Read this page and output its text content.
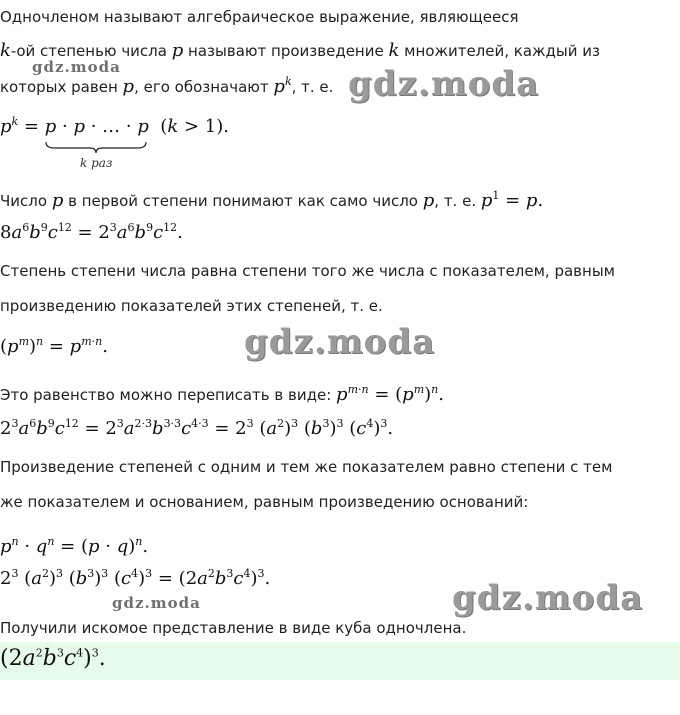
Одночленом называют алгебраическое выражение, являющееся
k-ой степенью числа p называют произведение k множителей, каждый из
gdz.moda
которых равен p, его обозначают $p^k$, т. е. gdz.moda
$p^k = p \cdot p$ · … · p  (k > 1).
k раз
Число p в первой степени понимают как само число p, т. е. $p^1 = p$.
$8a^6b^9c^{12} = 2^3a^6b^9c^{12}$.
Степень степени числа равна степени того же числа с показателем, равным
произведению показателей этих степеней, т. е.
$(p^m)^n = p^{m\cdot n}$.	gdz.moda
Это равенство можно переписать в виде: $p^{m\cdot n} = (p^m)^n$.
$2^3a^6b^9c^{12} = 2^3a^{2\cdot 3}b^{3\cdot 3}c^{4\cdot 3} = 2^3$ $(a^2)^3$ $(b^3)^3$ $(c^4)^3$.
Произведение степеней с одним и тем же показателем равно степени с тем
же показателем и основанием, равным произведению оснований:
$p^n \cdot q^n = (p \cdot q)^n$.
$2^3$ $(a^2)^3$ $(b^3)^3$ $(c^4)^3 = (2a^2b^3c^4)^3$.
gdz.moda	gdz.moda
Получили искомое представление в виде куба одночлена.
$(2a^2b^3c^4)^3$.
